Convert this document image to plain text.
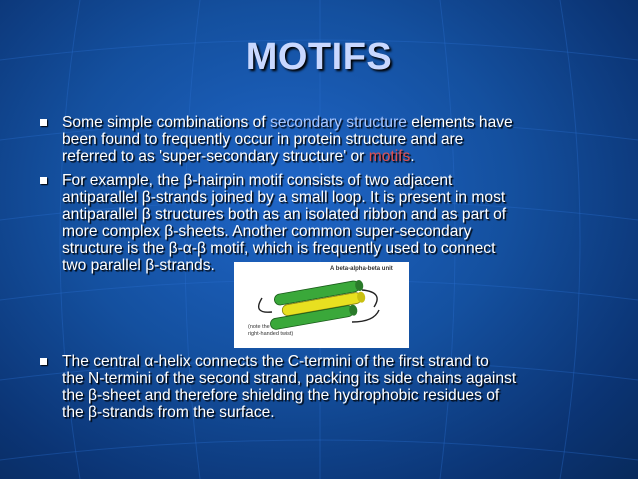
MOTIFS
Some simple combinations of secondary structure elements have
been found to frequently occur in protein structure and are
referred to as 'super-secondary structure' or motifs.
For example, the β-hairpin motif consists of two adjacent
antiparallel β-strands joined by a small loop. It is present in most
antiparallel β structures both as an isolated ribbon and as part of
more complex β-sheets. Another common super-secondary
structure is the β-α-β motif, which is frequently used to connect
two parallel β-strands.	A beta-alpha-beta unit
(note the
right-handed twist)
The central α-helix connects the C-termini of the first strand to
the N-termini of the second strand, packing its side chains against
the β-sheet and therefore shielding the hydrophobic residues of
the β-strands from the surface.
